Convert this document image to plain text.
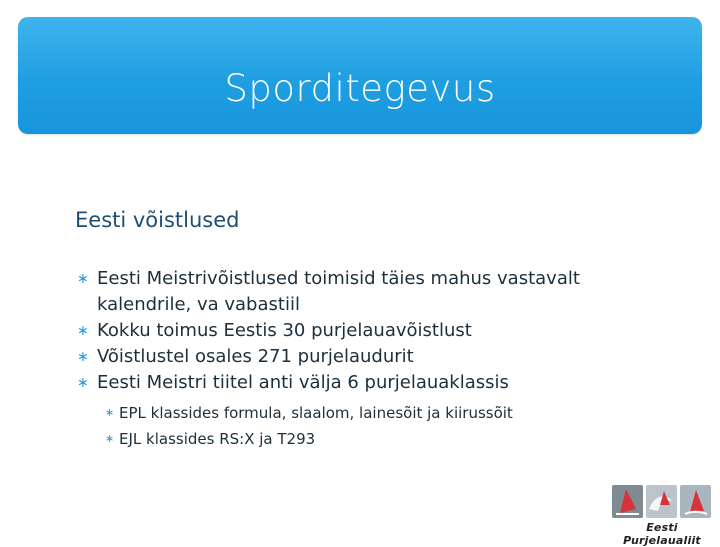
Sporditegevus
Eesti võistlused
∗ Eesti Meistrivõistlused toimisid täies mahus vastavalt kalendrile, va vabastiil
∗ Kokku toimus Eestis 30 purjelauavõistlust
∗ Võistlustel osales 271 purjelaudurit
∗ Eesti Meistri tiitel anti välja 6 purjelauaklassis
∗ EPL klassides formula, slaalom, lainesõit ja kiirussõit
∗ EJL klassides RS:X ja T293
Eesti Purjelaualiit
